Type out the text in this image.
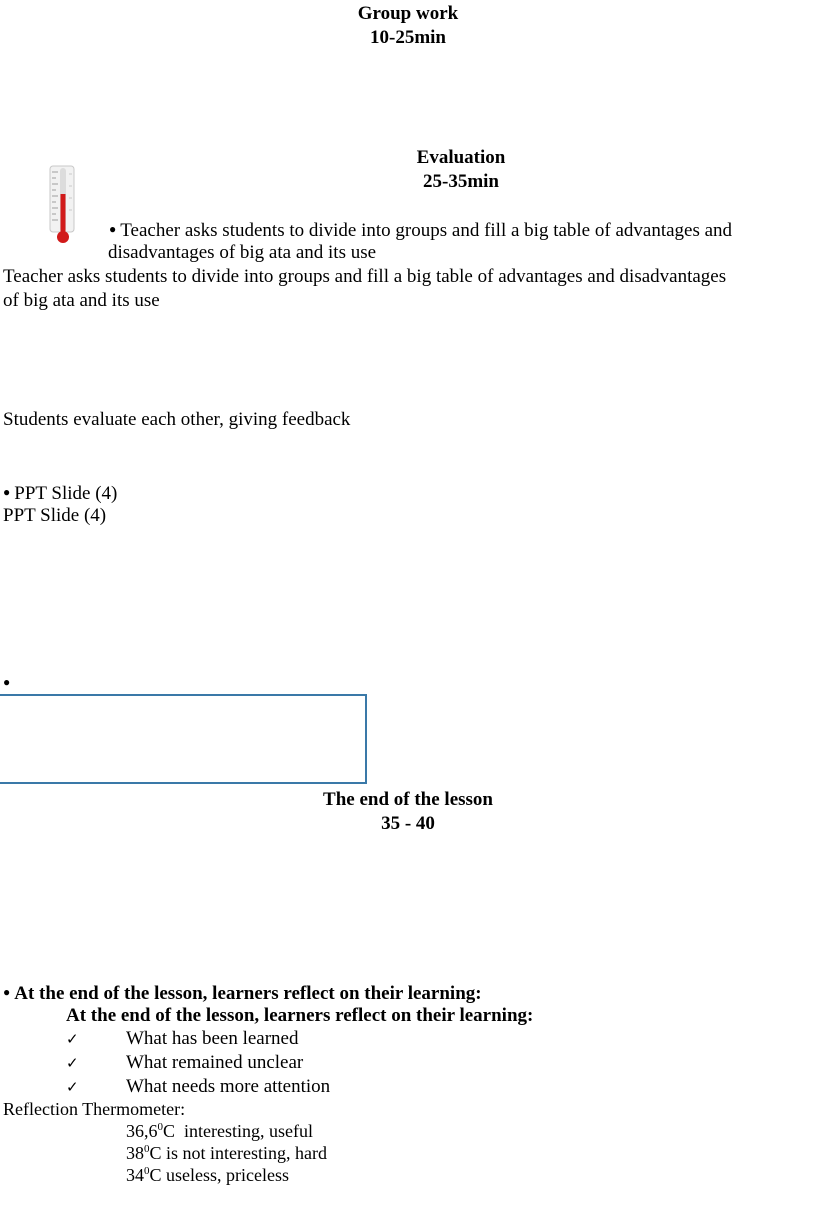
Group work
10-25min
Evaluation
25-35min
● Teacher asks students to divide into groups and fill a big table of advantages and
disadvantages of big ata and its use
Teacher asks students to divide into groups and fill a big table of advantages and disadvantages
of big ata and its use
Students evaluate each other, giving feedback
● PPT Slide (4)
PPT Slide (4)
●
The end of the lesson
35 - 40
● At the end of the lesson, learners reflect on their learning:
At the end of the lesson, learners reflect on their learning:
✓ What has been learned
✓ What remained unclear
✓ What needs more attention
Reflection Thermometer:
36,6$^0$C  interesting, useful
$38^0C$ is not interesting, hard
$34^0C$ useless, priceless
